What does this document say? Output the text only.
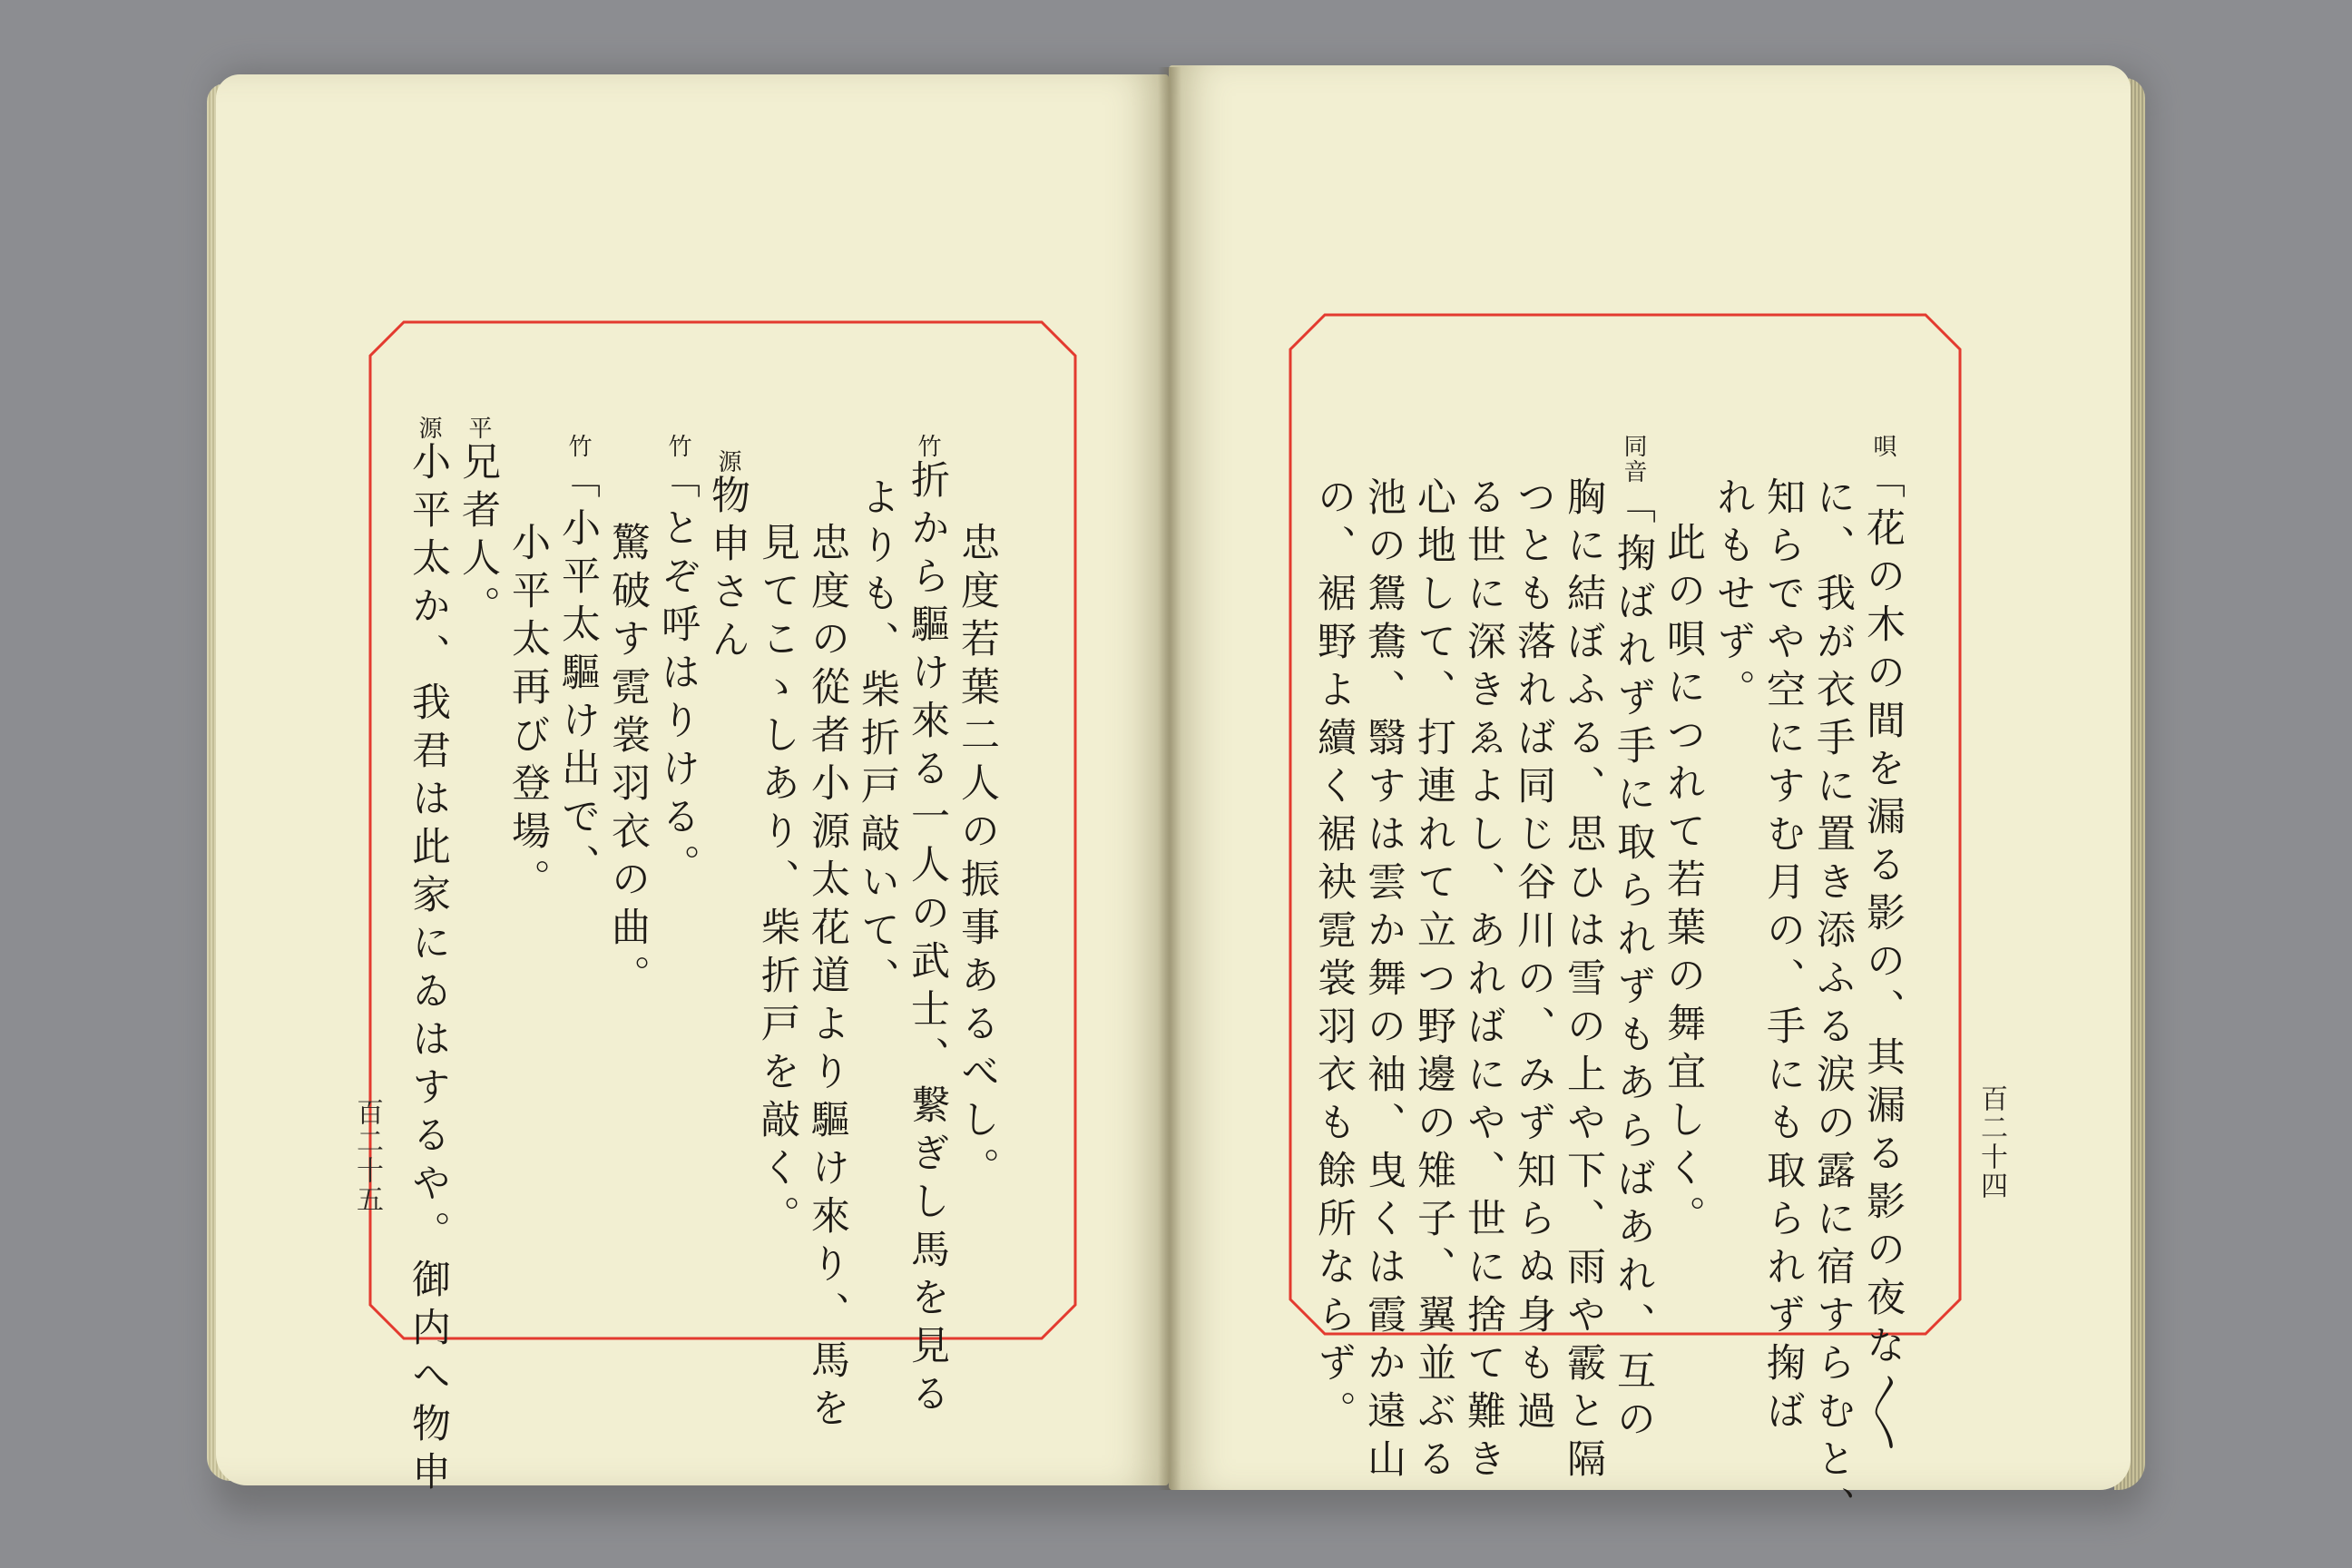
唄「花の木の間を漏る影の、其漏る影の夜な〳〵
に、我が衣手に置き添ふる涙の露に宿すらむと、
知らでや空にすむ月の、手にも取られず掬ば
れもせず。
此の唄につれて若葉の舞宜しく。
同音「掬ばれず手に取られずもあらばあれ、互の
胸に結ぼふる、思ひは雪の上や下、雨や霰と隔
つとも落れば同じ谷川の、みず知らぬ身も過
る世に深きゑよし、あればにや、世に捨て難き
心地して、打連れて立つ野邊の雉子、翼並ぶる
池の鴛鴦、翳すは雲か舞の袖、曳くは霞か遠山
の、裾野よ續く裾袂霓裳羽衣も餘所ならず。	百二十四
忠度若葉二人の振事あるべし。
竹折から驅け來る一人の武士、繋ぎし馬を見る
よりも、柴折戸敲いて、
忠度の從者小源太花道より驅け來り、馬を
見てこゝしあり、柴折戸を敲く。
源物申さん
竹「とぞ呼はりける。
驚破す霓裳羽衣の曲。
竹「小平太驅け出で、
小平太再び登場。
平兄者人。
源小平太か、我君は此家にゐはするや。御内へ物申
百二十五
